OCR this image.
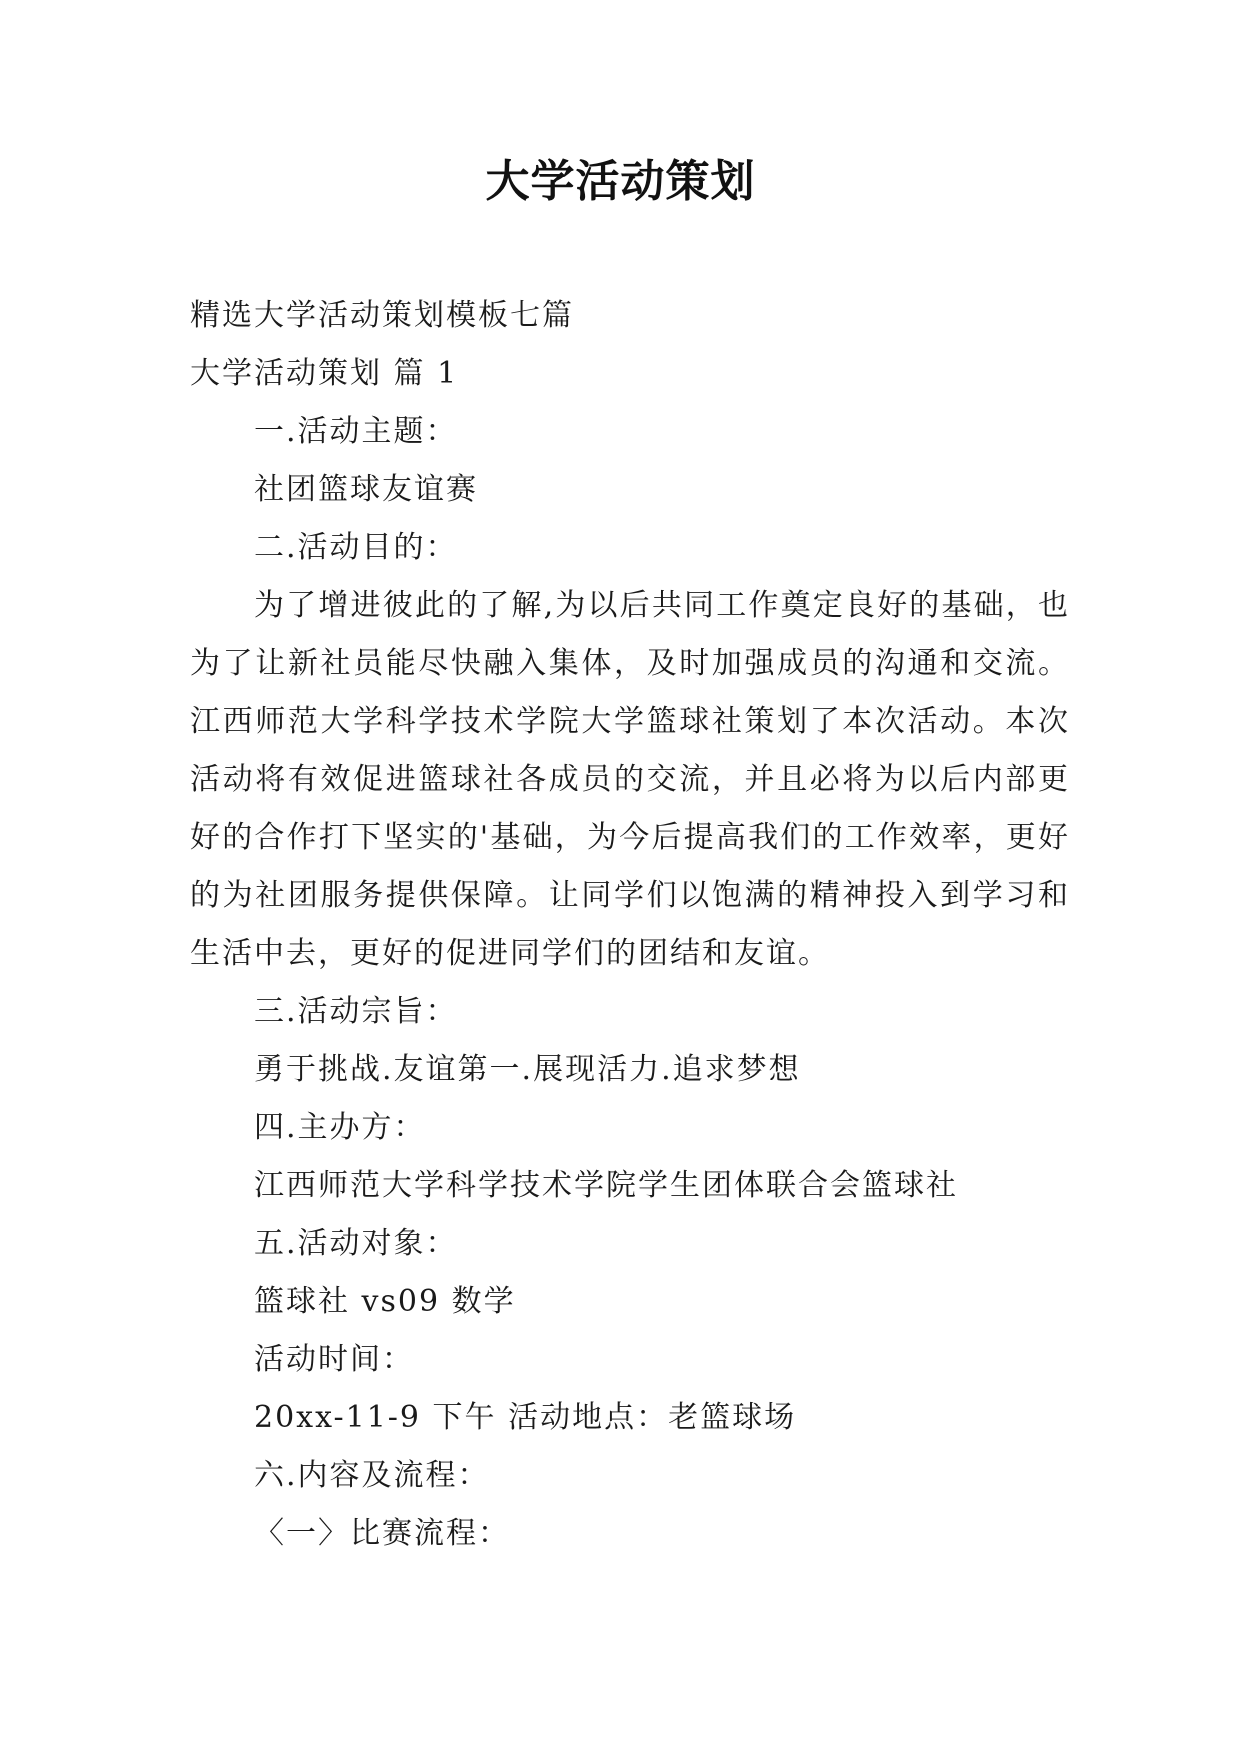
大学活动策划
精选大学活动策划模板七篇
大学活动策划 篇 1
一.活动主题：
社团篮球友谊赛
二.活动目的：
为了增进彼此的了解,为以后共同工作奠定良好的基础，也为了让新社员能尽快融入集体，及时加强成员的沟通和交流。江西师范大学科学技术学院大学篮球社策划了本次活动。本次活动将有效促进篮球社各成员的交流，并且必将为以后内部更好的合作打下坚实的'基础，为今后提高我们的工作效率，更好的为社团服务提供保障。让同学们以饱满的精神投入到学习和生活中去，更好的促进同学们的团结和友谊。
三.活动宗旨：
勇于挑战.友谊第一.展现活力.追求梦想
四.主办方：
江西师范大学科学技术学院学生团体联合会篮球社
五.活动对象：
篮球社 vs09 数学
活动时间：
20xx-11-9 下午 活动地点：老篮球场
六.内容及流程：
〈一〉比赛流程：
